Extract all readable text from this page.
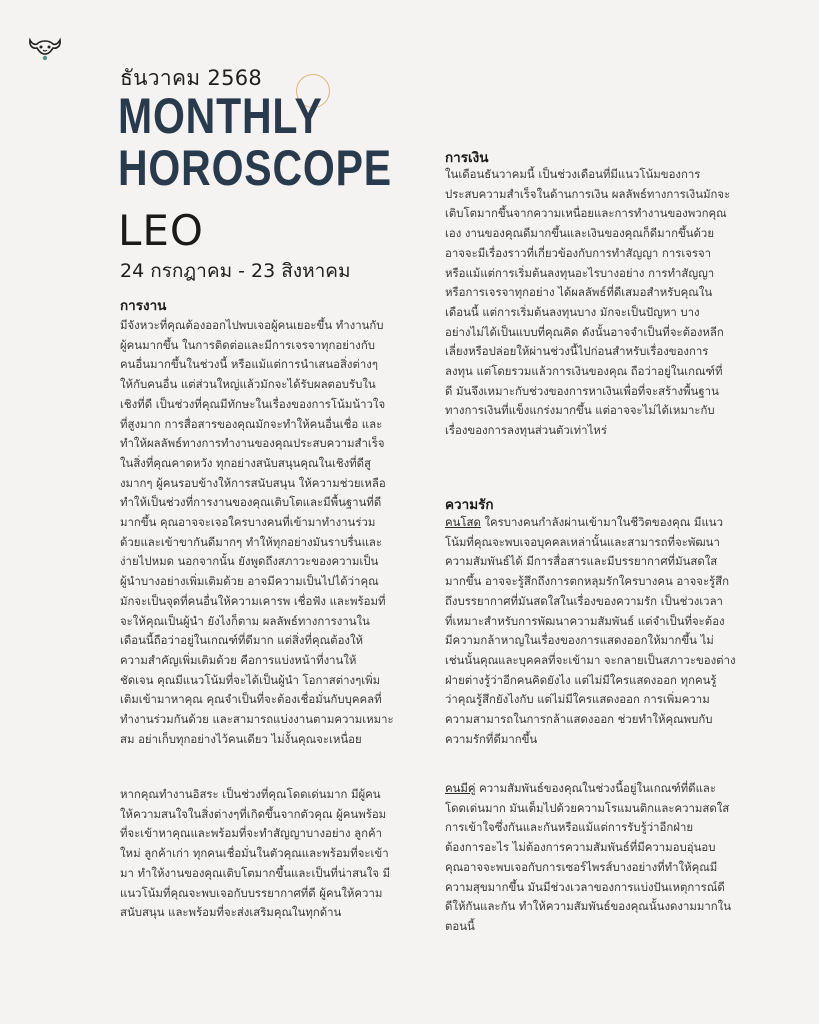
ธันวาคม 2568
MONTHLY
HOROSCOPE
LEO
24 กรกฎาคม - 23 สิงหาคม
การงาน
มีจังหวะที่คุณต้องออกไปพบเจอผู้คนเยอะขึ้น ทำงานกับ
ผู้คนมากขึ้น ในการติดต่อและมีการเจรจาทุกอย่างกับ
คนอื่นมากขึ้นในช่วงนี้ หรือแม้แต่การนำเสนอสิ่งต่างๆ
ให้กับคนอื่น แต่ส่วนใหญ่แล้วมักจะได้รับผลตอบรับใน
เชิงที่ดี เป็นช่วงที่คุณมีทักษะในเรื่องของการโน้มน้าวใจ
ที่สูงมาก การสื่อสารของคุณมักจะทำให้คนอื่นเชื่อ และ
ทำให้ผลลัพธ์ทางการทำงานของคุณประสบความสำเร็จ
ในสิ่งที่คุณคาดหวัง ทุกอย่างสนับสนุนคุณในเชิงที่ดีสู
งมากๆ ผู้คนรอบข้างให้การสนับสนุน ให้ความช่วยเหลือ
ทำให้เป็นช่วงที่การงานของคุณเติบโตและมีพื้นฐานที่ดี
มากขึ้น คุณอาจจะเจอใครบางคนที่เข้ามาทำงานร่วม
ด้วยและเข้าขากันดีมากๆ ทำให้ทุกอย่างมันราบรื่นและ
ง่ายไปหมด นอกจากนั้น ยังพูดถึงสภาวะของความเป็น
ผู้นำบางอย่างเพิ่มเติมด้วย อาจมีความเป็นไปได้ว่าคุณ
มักจะเป็นจุดที่คนอื่นให้ความเคารพ เชื่อฟัง และพร้อมที่
จะให้คุณเป็นผู้นำ ยังไงก็ตาม ผลลัพธ์ทางการงานใน
เดือนนี้ถือว่าอยู่ในเกณฑ์ที่ดีมาก แต่สิ่งที่คุณต้องให้
ความสำคัญเพิ่มเติมด้วย คือการแบ่งหน้าที่งานให้
ชัดเจน คุณมีแนวโน้มที่จะได้เป็นผู้นำ โอกาสต่างๆเพิ่ม
เติมเข้ามาหาคุณ คุณจำเป็นที่จะต้องเชื่อมั่นกับบุคคลที่
ทำงานร่วมกันด้วย และสามารถแบ่งงานตามความเหมาะ
สม อย่าเก็บทุกอย่างไว้คนเดียว ไม่งั้นคุณจะเหนื่อย
หากคุณทำงานอิสระ เป็นช่วงที่คุณโดดเด่นมาก มีผู้คน
ให้ความสนใจในสิ่งต่างๆที่เกิดขึ้นจากตัวคุณ ผู้คนพร้อม
ที่จะเข้าหาคุณและพร้อมที่จะทำสัญญาบางอย่าง ลูกค้า
ใหม่ ลูกค้าเก่า ทุกคนเชื่อมั่นในตัวคุณและพร้อมที่จะเข้า
มา ทำให้งานของคุณเติบโตมากขึ้นและเป็นที่น่าสนใจ มี
แนวโน้มที่คุณจะพบเจอกับบรรยากาศที่ดี ผู้คนให้ความ
สนับสนุน และพร้อมที่จะส่งเสริมคุณในทุกด้าน
การเงิน
ในเดือนธันวาคมนี้ เป็นช่วงเดือนที่มีแนวโน้มของการ
ประสบความสำเร็จในด้านการเงิน ผลลัพธ์ทางการเงินมักจะ
เติบโตมากขึ้นจากความเหนื่อยและการทำงานของพวกคุณ
เอง งานของคุณดีมากขึ้นและเงินของคุณก็ดีมากขึ้นด้วย
อาจจะมีเรื่องราวที่เกี่ยวข้องกับการทำสัญญา การเจรจา
หรือแม้แต่การเริ่มต้นลงทุนอะไรบางอย่าง การทำสัญญา
หรือการเจรจาทุกอย่าง ได้ผลลัพธ์ที่ดีเสมอสำหรับคุณใน
เดือนนี้ แต่การเริ่มต้นลงทุนบาง มักจะเป็นปัญหา บาง
อย่างไม่ได้เป็นแบบที่คุณคิด ดังนั้นอาจจำเป็นที่จะต้องหลีก
เลี่ยงหรือปล่อยให้ผ่านช่วงนี้ไปก่อนสำหรับเรื่องของการ
ลงทุน แต่โดยรวมแล้วการเงินของคุณ ถือว่าอยู่ในเกณฑ์ที่
ดี มันจึงเหมาะกับช่วงของการหาเงินเพื่อที่จะสร้างพื้นฐาน
ทางการเงินที่แข็งแกร่งมากขึ้น แต่อาจจะไม่ได้เหมาะกับ
เรื่องของการลงทุนส่วนตัวเท่าไหร่
ความรัก
คนโสด ใครบางคนกำลังผ่านเข้ามาในชีวิตของคุณ มีแนว
โน้มที่คุณจะพบเจอบุคคลเหล่านั้นและสามารถที่จะพัฒนา
ความสัมพันธ์ได้ มีการสื่อสารและมีบรรยากาศที่มันสดใส
มากขึ้น อาจจะรู้สึกถึงการตกหลุมรักใครบางคน อาจจะรู้สึก
ถึงบรรยากาศที่มันสดใสในเรื่องของความรัก เป็นช่วงเวลา
ที่เหมาะสำหรับการพัฒนาความสัมพันธ์ แต่จำเป็นที่จะต้อง
มีความกล้าหาญในเรื่องของการแสดงออกให้มากขึ้น ไม่
เช่นนั้นคุณและบุคคลที่จะเข้ามา จะกลายเป็นสภาวะของต่าง
ฝ่ายต่างรู้ว่าอีกคนคิดยังไง แต่ไม่มีใครแสดงออก ทุกคนรู้
ว่าคุณรู้สึกยังไงกับ แต่ไม่มีใครแสดงออก การเพิ่มความ
ความสามารถในการกล้าแสดงออก ช่วยทำให้คุณพบกับ
ความรักที่ดีมากขึ้น
คนมีคู่ ความสัมพันธ์ของคุณในช่วงนี้อยู่ในเกณฑ์ที่ดีและ
โดดเด่นมาก มันเต็มไปด้วยความโรแมนติกและความสดใส
การเข้าใจซึ่งกันและกันหรือแม้แต่การรับรู้ว่าอีกฝ่าย
ต้องการอะไร ไม่ต้องการความสัมพันธ์ที่มีความอบอุ่นอบ
คุณอาจจะพบเจอกับการเซอร์ไพรส์บางอย่างที่ทำให้คุณมี
ความสุขมากขึ้น มันมีช่วงเวลาของการแบ่งปันเหตุการณ์ดี
ดีให้กันและกัน ทำให้ความสัมพันธ์ของคุณนั้นงดงามมากใน
ตอนนี้
